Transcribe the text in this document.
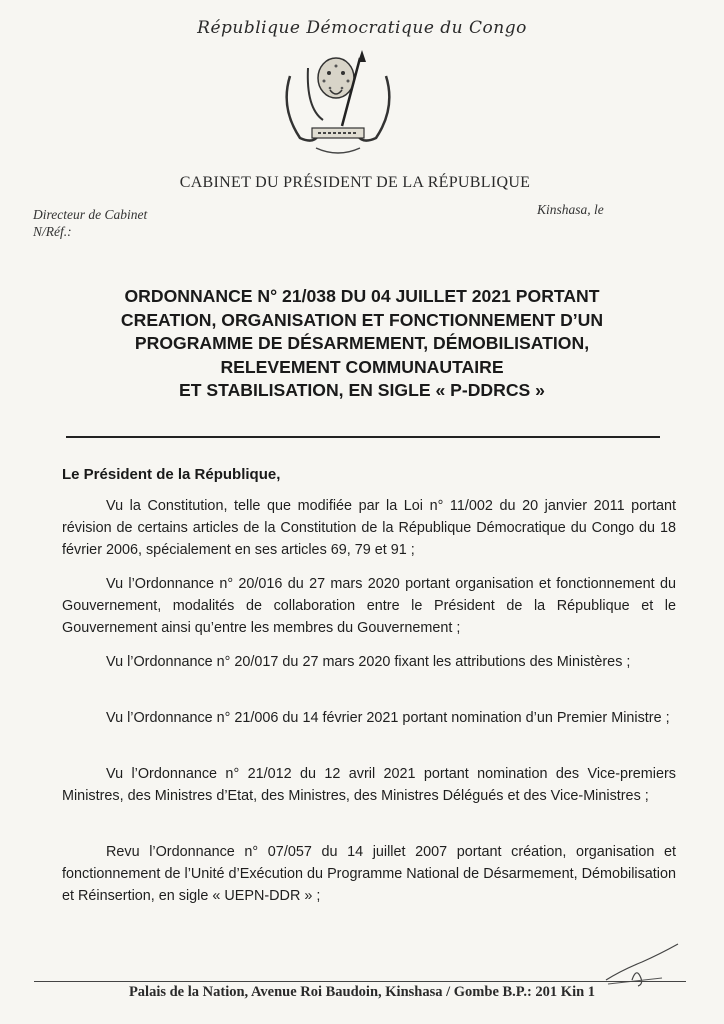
République Démocratique du Congo
CABINET DU PRÉSIDENT DE LA RÉPUBLIQUE
Directeur de Cabinet
N/Réf.:
Kinshasa, le
ORDONNANCE N° 21/038 DU 04 JUILLET 2021 PORTANT
CREATION, ORGANISATION ET FONCTIONNEMENT D’UN
PROGRAMME DE DÉSARMEMENT, DÉMOBILISATION,
RELEVEMENT COMMUNAUTAIRE
ET STABILISATION, EN SIGLE « P-DDRCS »
Le Président de la République,

Vu la Constitution, telle que modifiée par la Loi n° 11/002 du 20 janvier 2011 portant révision de certains articles de la Constitution de la République Démocratique du Congo du 18 février 2006, spécialement en ses articles 69, 79 et 91 ;

Vu l’Ordonnance n° 20/016 du 27 mars 2020 portant organisation et fonctionnement du Gouvernement, modalités de collaboration entre le Président de la République et le Gouvernement ainsi qu’entre les membres du Gouvernement ;

Vu l’Ordonnance n° 20/017 du 27 mars 2020 fixant les attributions des Ministères ;

Vu l’Ordonnance n° 21/006 du 14 février 2021 portant nomination d’un Premier Ministre ;

Vu l’Ordonnance n° 21/012 du 12 avril 2021 portant nomination des Vice-premiers Ministres, des Ministres d’Etat, des Ministres, des Ministres Délégués et des Vice-Ministres ;

Revu l’Ordonnance n° 07/057 du 14 juillet 2007 portant création, organisation et fonctionnement de l’Unité d’Exécution du Programme National de Désarmement, Démobilisation et Réinsertion, en sigle « UEPN-DDR » ;

Palais de la Nation, Avenue Roi Baudoin, Kinshasa / Gombe B.P.: 201 Kin 1
